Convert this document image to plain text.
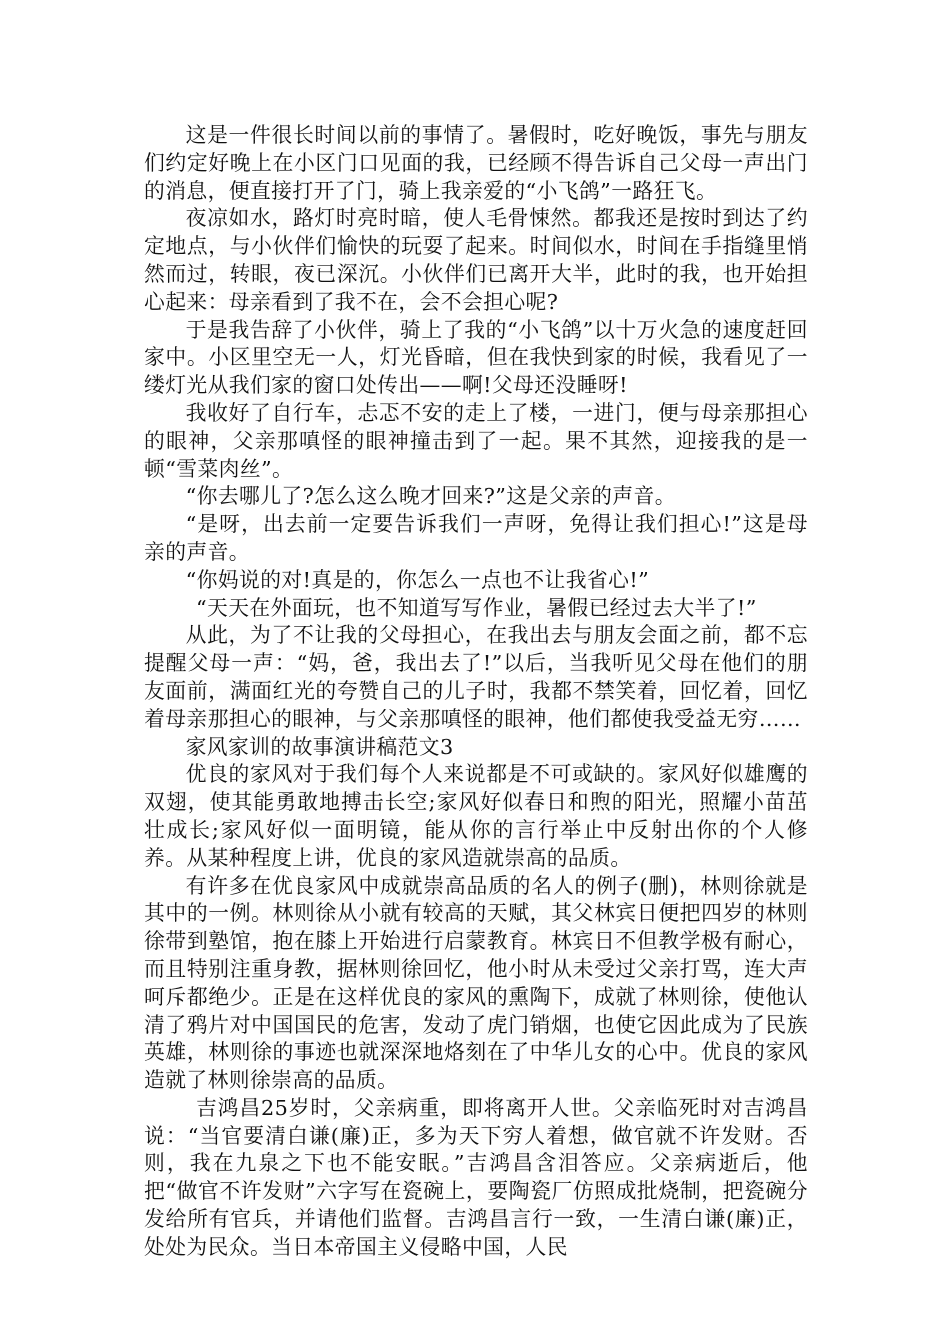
这是一件很长时间以前的事情了。暑假时，吃好晚饭，事先与朋友们约定好晚上在小区门口见面的我，已经顾不得告诉自己父母一声出门的消息，便直接打开了门，骑上我亲爱的“小飞鸽”一路狂飞。

夜凉如水，路灯时亮时暗，使人毛骨悚然。都我还是按时到达了约定地点，与小伙伴们愉快的玩耍了起来。时间似水，时间在手指缝里悄然而过，转眼，夜已深沉。小伙伴们已离开大半，此时的我，也开始担心起来：母亲看到了我不在，会不会担心呢?

于是我告辞了小伙伴，骑上了我的“小飞鸽”以十万火急的速度赶回家中。小区里空无一人，灯光昏暗，但在我快到家的时候，我看见了一缕灯光从我们家的窗口处传出——啊!父母还没睡呀!

我收好了自行车，忐忑不安的走上了楼，一进门，便与母亲那担心的眼神，父亲那嗔怪的眼神撞击到了一起。果不其然，迎接我的是一顿“雪菜肉丝”。

“你去哪儿了?怎么这么晚才回来?”这是父亲的声音。

“是呀，出去前一定要告诉我们一声呀，免得让我们担心!”这是母亲的声音。

“你妈说的对!真是的，你怎么一点也不让我省心!”

“天天在外面玩，也不知道写写作业，暑假已经过去大半了!”

从此，为了不让我的父母担心，在我出去与朋友会面之前，都不忘提醒父母一声：“妈，爸，我出去了!”以后，当我听见父母在他们的朋友面前，满面红光的夸赞自己的儿子时，我都不禁笑着，回忆着，回忆着母亲那担心的眼神，与父亲那嗔怪的眼神，他们都使我受益无穷……

家风家训的故事演讲稿范文3

优良的家风对于我们每个人来说都是不可或缺的。家风好似雄鹰的双翅，使其能勇敢地搏击长空;家风好似春日和煦的阳光，照耀小苗茁壮成长;家风好似一面明镜，能从你的言行举止中反射出你的个人修养。从某种程度上讲，优良的家风造就崇高的品质。

有许多在优良家风中成就崇高品质的名人的例子(删)，林则徐就是其中的一例。林则徐从小就有较高的天赋，其父林宾日便把四岁的林则徐带到塾馆，抱在膝上开始进行启蒙教育。林宾日不但教学极有耐心，而且特别注重身教，据林则徐回忆，他小时从未受过父亲打骂，连大声呵斥都绝少。正是在这样优良的家风的熏陶下，成就了林则徐，使他认清了鸦片对中国国民的危害，发动了虎门销烟，也使它因此成为了民族英雄，林则徐的事迹也就深深地烙刻在了中华儿女的心中。优良的家风造就了林则徐崇高的品质。

吉鸿昌25岁时，父亲病重，即将离开人世。父亲临死时对吉鸿昌说：“当官要清白谦(廉)正，多为天下穷人着想，做官就不许发财。否则，我在九泉之下也不能安眠。”吉鸿昌含泪答应。父亲病逝后，他把“做官不许发财”六字写在瓷碗上，要陶瓷厂仿照成批烧制，把瓷碗分发给所有官兵，并请他们监督。吉鸿昌言行一致，一生清白谦(廉)正，处处为民众。当日本帝国主义侵略中国，人民
